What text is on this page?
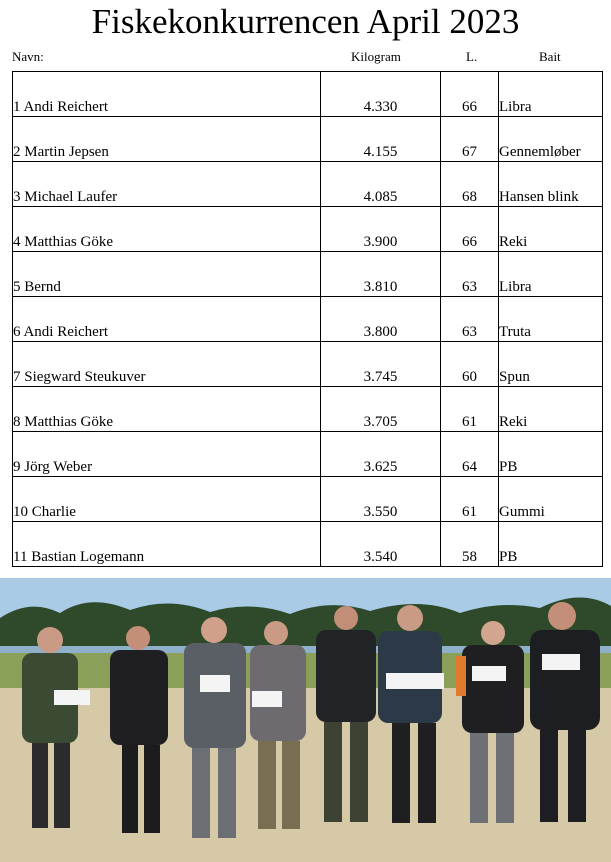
Fiskekonkurrencen April 2023
Navn:	Kilogram	L.	Bait
1 Andi Reichert	4.330	66	Libra
2 Martin Jepsen	4.155	67	Gennemløber
3 Michael Laufer	4.085	68	Hansen blink
4 Matthias Göke	3.900	66	Reki
5 Bernd	3.810	63	Libra
6 Andi Reichert	3.800	63	Truta
7 Siegward Steukuver	3.745	60	Spun
8 Matthias Göke	3.705	61	Reki
9 Jörg Weber	3.625	64	PB
10 Charlie	3.550	61	Gummi
11 Bastian Logemann	3.540	58	PB
